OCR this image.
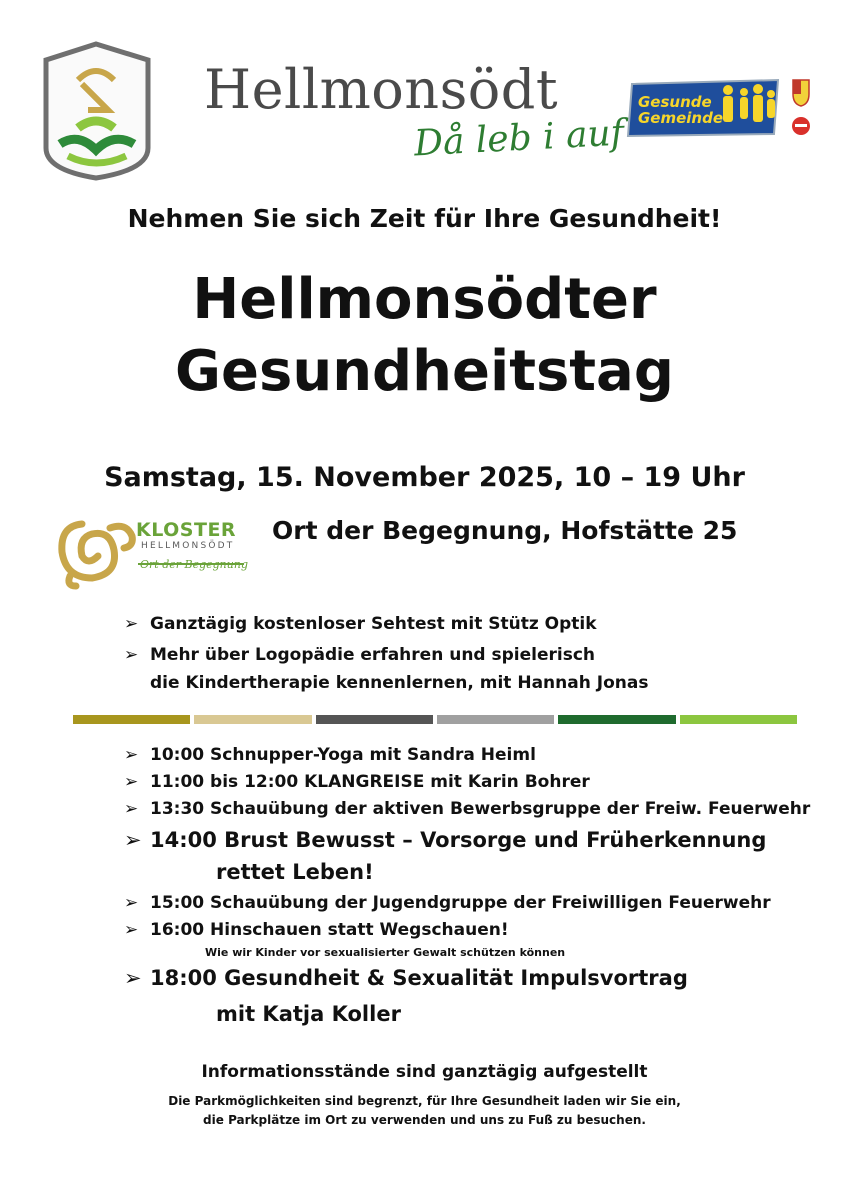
Hellmonsödt
Då leb i auf
Gesunde
Gemeinde

Nehmen Sie sich Zeit für Ihre Gesundheit!

Hellmonsödter
Gesundheitstag

Samstag, 15. November 2025, 10 – 19 Uhr

KLOSTER
HELLMONSÖDT
Ort der Begegnung

Ort der Begegnung, Hofstätte 25

➢ Ganztägig kostenloser Sehtest mit Stütz Optik
➢ Mehr über Logopädie erfahren und spielerisch
die Kindertherapie kennenlernen, mit Hannah Jonas
➢ 10:00 Schnupper-Yoga mit Sandra Heiml
➢ 11:00 bis 12:00 KLANGREISE mit Karin Bohrer
➢ 13:30 Schauübung der aktiven Bewerbsgruppe der Freiw. Feuerwehr
➢ 14:00 Brust Bewusst – Vorsorge und Früherkennung
rettet Leben!
➢ 15:00 Schauübung der Jugendgruppe der Freiwilligen Feuerwehr
➢ 16:00 Hinschauen statt Wegschauen!
Wie wir Kinder vor sexualisierter Gewalt schützen können
➢ 18:00 Gesundheit & Sexualität Impulsvortrag
mit Katja Koller

Informationsstände sind ganztägig aufgestellt

Die Parkmöglichkeiten sind begrenzt, für Ihre Gesundheit laden wir Sie ein,

die Parkplätze im Ort zu verwenden und uns zu Fuß zu besuchen.
